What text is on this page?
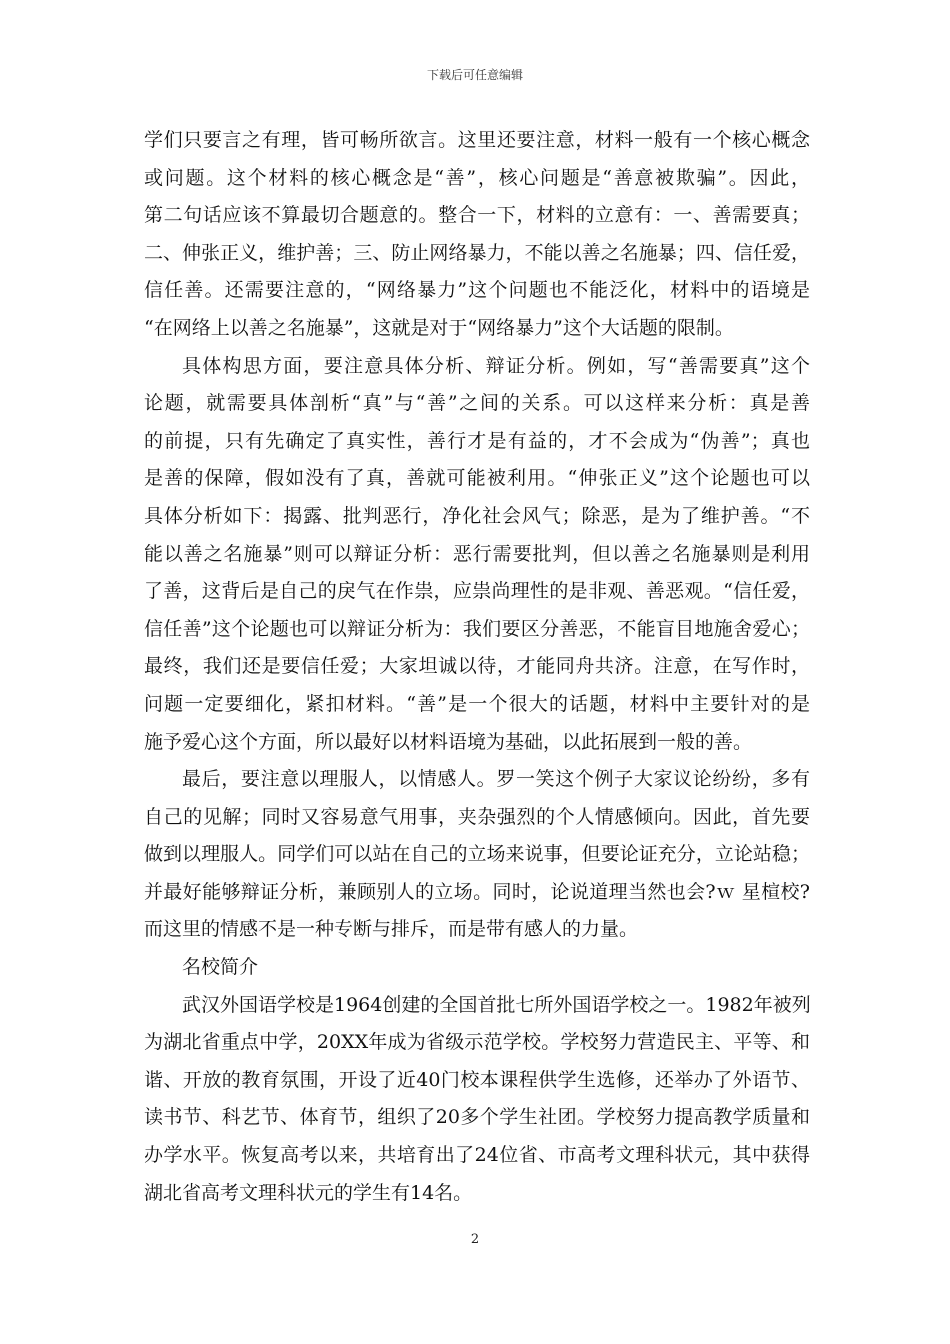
下载后可任意编辑
学们只要言之有理，皆可畅所欲言。这里还要注意，材料一般有一个核心概念
或问题。这个材料的核心概念是“善”，核心问题是“善意被欺骗”。因此，
第二句话应该不算最切合题意的。整合一下，材料的立意有：一、善需要真；
二、伸张正义，维护善；三、防止网络暴力，不能以善之名施暴；四、信任爱，
信任善。还需要注意的，“网络暴力”这个问题也不能泛化，材料中的语境是
“在网络上以善之名施暴”，这就是对于“网络暴力”这个大话题的限制。
具体构思方面，要注意具体分析、辩证分析。例如，写“善需要真”这个
论题，就需要具体剖析“真”与“善”之间的关系。可以这样来分析：真是善
的前提，只有先确定了真实性，善行才是有益的，才不会成为“伪善”；真也
是善的保障，假如没有了真，善就可能被利用。“伸张正义”这个论题也可以
具体分析如下：揭露、批判恶行，净化社会风气；除恶，是为了维护善。“不
能以善之名施暴”则可以辩证分析：恶行需要批判，但以善之名施暴则是利用
了善，这背后是自己的戾气在作祟，应祟尚理性的是非观、善恶观。“信任爱，
信任善”这个论题也可以辩证分析为：我们要区分善恶，不能盲目地施舍爱心；
最终，我们还是要信任爱；大家坦诚以待，才能同舟共济。注意，在写作时，
问题一定要细化，紧扣材料。“善”是一个很大的话题，材料中主要针对的是
施予爱心这个方面，所以最好以材料语境为基础，以此拓展到一般的善。
最后，要注意以理服人，以情感人。罗一笑这个例子大家议论纷纷，多有
自己的见解；同时又容易意气用事，夹杂强烈的个人情感倾向。因此，首先要
做到以理服人。同学们可以站在自己的立场来说事，但要论证充分，立论站稳；
并最好能够辩证分析，兼顾别人的立场。同时，论说道理当然也会?ｗ 星楦校?
而这里的情感不是一种专断与排斥，而是带有感人的力量。
名校简介
武汉外国语学校是1964创建的全国首批七所外国语学校之一。1982年被列
为湖北省重点中学，20XX年成为省级示范学校。学校努力营造民主、平等、和
谐、开放的教育氛围，开设了近40门校本课程供学生选修，还举办了外语节、
读书节、科艺节、体育节，组织了20多个学生社团。学校努力提高教学质量和
办学水平。恢复高考以来，共培育出了24位省、市高考文理科状元，其中获得
湖北省高考文理科状元的学生有14名。
2
